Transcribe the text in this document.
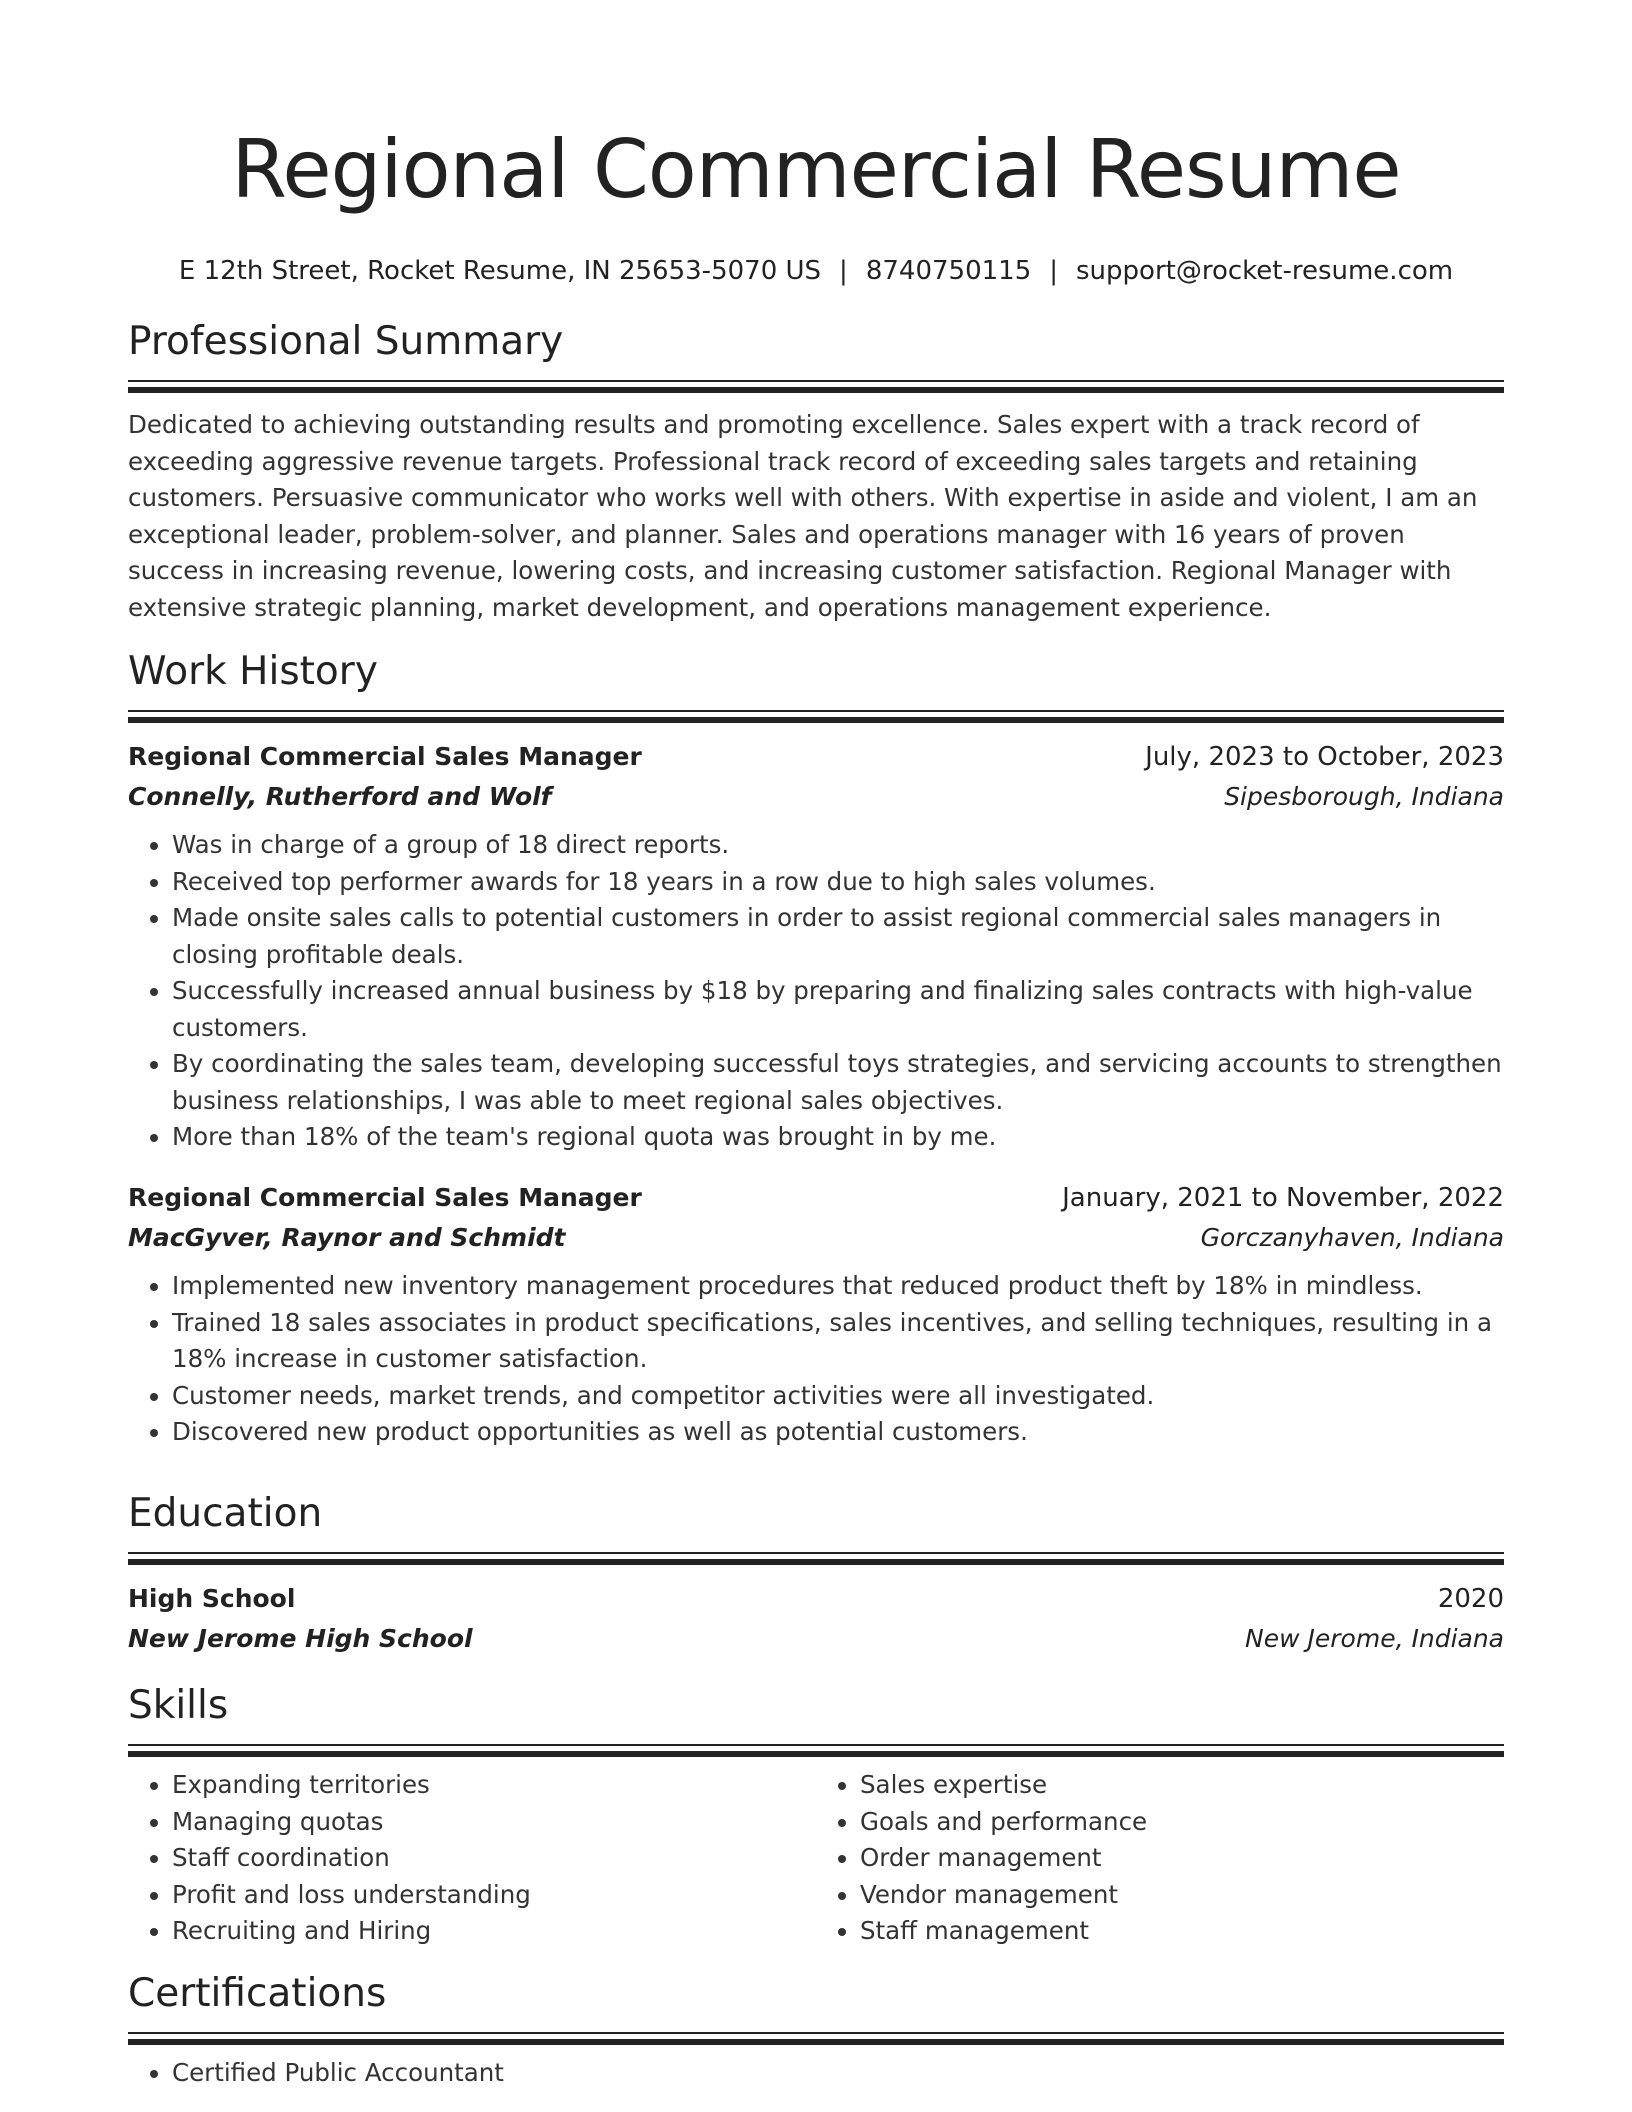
Regional Commercial Resume
E 12th Street, Rocket Resume, IN 25653-5070 US | 8740750115 | support@rocket-resume.com
Professional Summary
Dedicated to achieving outstanding results and promoting excellence. Sales expert with a track record of exceeding aggressive revenue targets. Professional track record of exceeding sales targets and retaining customers. Persuasive communicator who works well with others. With expertise in aside and violent, I am an exceptional leader, problem-solver, and planner. Sales and operations manager with 16 years of proven success in increasing revenue, lowering costs, and increasing customer satisfaction. Regional Manager with extensive strategic planning, market development, and operations management experience.
Work History
Regional Commercial Sales Manager	July, 2023 to October, 2023
Connelly, Rutherford and Wolf	Sipesborough, Indiana
• Was in charge of a group of 18 direct reports.
• Received top performer awards for 18 years in a row due to high sales volumes.
• Made onsite sales calls to potential customers in order to assist regional commercial sales managers in closing profitable deals.
• Successfully increased annual business by $18 by preparing and finalizing sales contracts with high-value customers.
• By coordinating the sales team, developing successful toys strategies, and servicing accounts to strengthen business relationships, I was able to meet regional sales objectives.
• More than 18% of the team's regional quota was brought in by me.
Regional Commercial Sales Manager	January, 2021 to November, 2022
MacGyver, Raynor and Schmidt	Gorczanyhaven, Indiana
• Implemented new inventory management procedures that reduced product theft by 18% in mindless.
• Trained 18 sales associates in product specifications, sales incentives, and selling techniques, resulting in a 18% increase in customer satisfaction.
• Customer needs, market trends, and competitor activities were all investigated.
• Discovered new product opportunities as well as potential customers.
Education
High School	2020
New Jerome High School	New Jerome, Indiana
Skills
• Expanding territories
• Managing quotas
• Staff coordination
• Profit and loss understanding
• Recruiting and Hiring
• Sales expertise
• Goals and performance
• Order management
• Vendor management
• Staff management
Certifications
• Certified Public Accountant
